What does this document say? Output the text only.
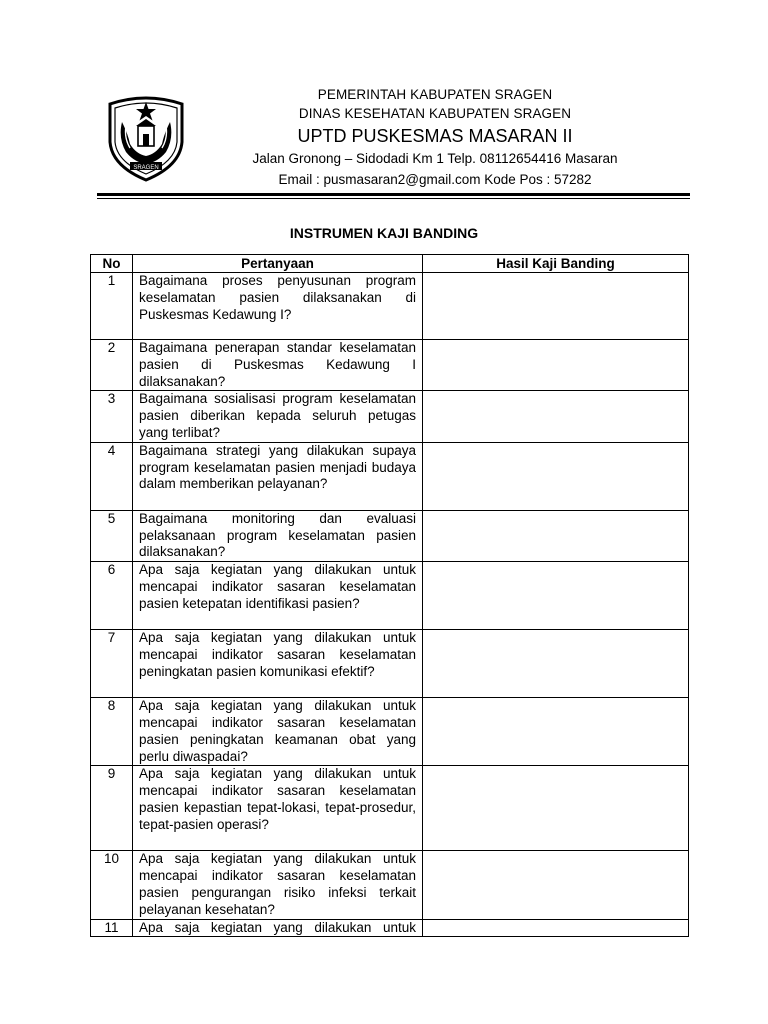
SRAGEN
PEMERINTAH KABUPATEN SRAGEN
DINAS KESEHATAN KABUPATEN SRAGEN
UPTD PUSKESMAS MASARAN II
Jalan Gronong – Sidodadi Km 1 Telp. 08112654416 Masaran
Email : pusmasaran2@gmail.com Kode Pos : 57282
INSTRUMEN KAJI BANDING
No	Pertanyaan	Hasil Kaji Banding
1	Bagaimana proses penyusunan program keselamatan pasien dilaksanakan di Puskesmas Kedawung I?	
2	Bagaimana penerapan standar keselamatan pasien di Puskesmas Kedawung I dilaksanakan?	
3	Bagaimana sosialisasi program keselamatan pasien diberikan kepada seluruh petugas yang terlibat?	
4	Bagaimana strategi yang dilakukan supaya program keselamatan pasien menjadi budaya dalam memberikan pelayanan?	
5	Bagaimana monitoring dan evaluasi pelaksanaan program keselamatan pasien dilaksanakan?	
6	Apa saja kegiatan yang dilakukan untuk mencapai indikator sasaran keselamatan pasien ketepatan identifikasi pasien?	
7	Apa saja kegiatan yang dilakukan untuk mencapai indikator sasaran keselamatan peningkatan pasien komunikasi efektif?	
8	Apa saja kegiatan yang dilakukan untuk mencapai indikator sasaran keselamatan pasien peningkatan keamanan obat yang perlu diwaspadai?	
9	Apa saja kegiatan yang dilakukan untuk mencapai indikator sasaran keselamatan pasien kepastian tepat-lokasi, tepat-prosedur, tepat-pasien operasi?	
10	Apa saja kegiatan yang dilakukan untuk mencapai indikator sasaran keselamatan pasien pengurangan risiko infeksi terkait pelayanan kesehatan?	
11	Apa saja kegiatan yang dilakukan untuk	
